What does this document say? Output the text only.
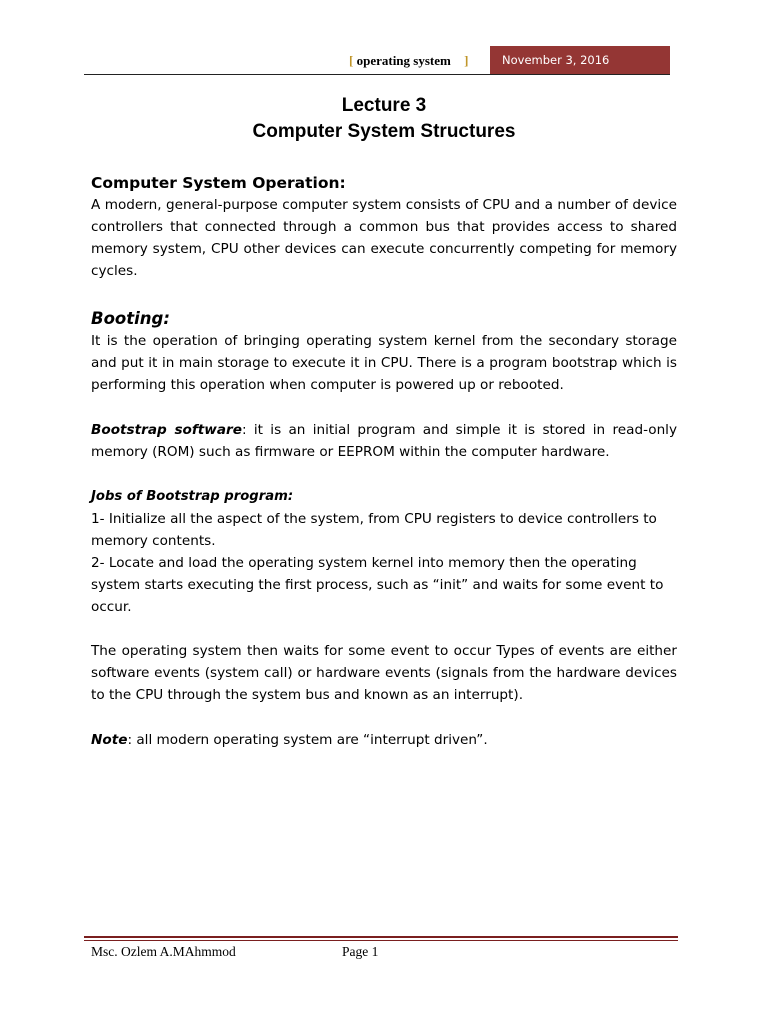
[ operating system ]	November 3, 2016
Lecture 3
Computer System Structures

Computer System Operation:

A modern, general-purpose computer system consists of CPU and a number of device controllers that connected through a common bus that provides access to shared memory system, CPU other devices can execute concurrently competing for memory cycles.

Booting:

It is the operation of bringing operating system kernel from the secondary storage and put it in main storage to execute it in CPU. There is a program bootstrap which is performing this operation when computer is powered up or rebooted.

Bootstrap software: it is an initial program and simple it is stored in read-only memory (ROM) such as firmware or EEPROM within the computer hardware.

Jobs of Bootstrap program:

1- Initialize all the aspect of the system, from CPU registers to device controllers to memory contents.

2- Locate and load the operating system kernel into memory then the operating system starts executing the first process, such as “init” and waits for some event to occur.

The operating system then waits for some event to occur Types of events are either software events (system call) or hardware events (signals from the hardware devices to the CPU through the system bus and known as an interrupt).

Note: all modern operating system are “interrupt driven”.

Msc. Ozlem A.MAhmmod	Page 1
